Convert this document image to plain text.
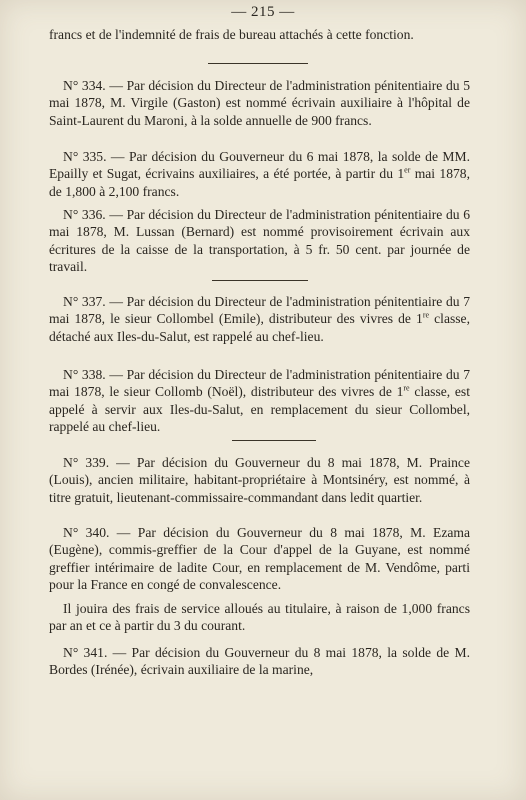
— 215 —

francs et de l'indemnité de frais de bureau attachés à cette fonction.

N° 334. — Par décision du Directeur de l'administration pénitentiaire du 5 mai 1878, M. Virgile (Gaston) est nommé écrivain auxiliaire à l'hôpital de Saint-Laurent du Maroni, à la solde annuelle de 900 francs.

N° 335. — Par décision du Gouverneur du 6 mai 1878, la solde de MM. Epailly et Sugat, écrivains auxiliaires, a été portée, à partir du 1er mai 1878, de 1,800 à 2,100 francs.

N° 336. — Par décision du Directeur de l'administration pénitentiaire du 6 mai 1878, M. Lussan (Bernard) est nommé provisoirement écrivain aux écritures de la caisse de la transportation, à 5 fr. 50 cent. par journée de travail.

N° 337. — Par décision du Directeur de l'administration pénitentiaire du 7 mai 1878, le sieur Collombel (Emile), distributeur des vivres de 1re classe, détaché aux Iles-du-Salut, est rappelé au chef-lieu.

N° 338. — Par décision du Directeur de l'administration pénitentiaire du 7 mai 1878, le sieur Collomb (Noël), distributeur des vivres de 1re classe, est appelé à servir aux Iles-du-Salut, en remplacement du sieur Collombel, rappelé au chef-lieu.

N° 339. — Par décision du Gouverneur du 8 mai 1878, M. Praince (Louis), ancien militaire, habitant-propriétaire à Montsinéry, est nommé, à titre gratuit, lieutenant-commissaire-commandant dans ledit quartier.

N° 340. — Par décision du Gouverneur du 8 mai 1878, M. Ezama (Eugène), commis-greffier de la Cour d'appel de la Guyane, est nommé greffier intérimaire de ladite Cour, en remplacement de M. Vendôme, parti pour la France en congé de convalescence.

Il jouira des frais de service alloués au titulaire, à raison de 1,000 francs par an et ce à partir du 3 du courant.

N° 341. — Par décision du Gouverneur du 8 mai 1878, la solde de M. Bordes (Irénée), écrivain auxiliaire de la marine,
